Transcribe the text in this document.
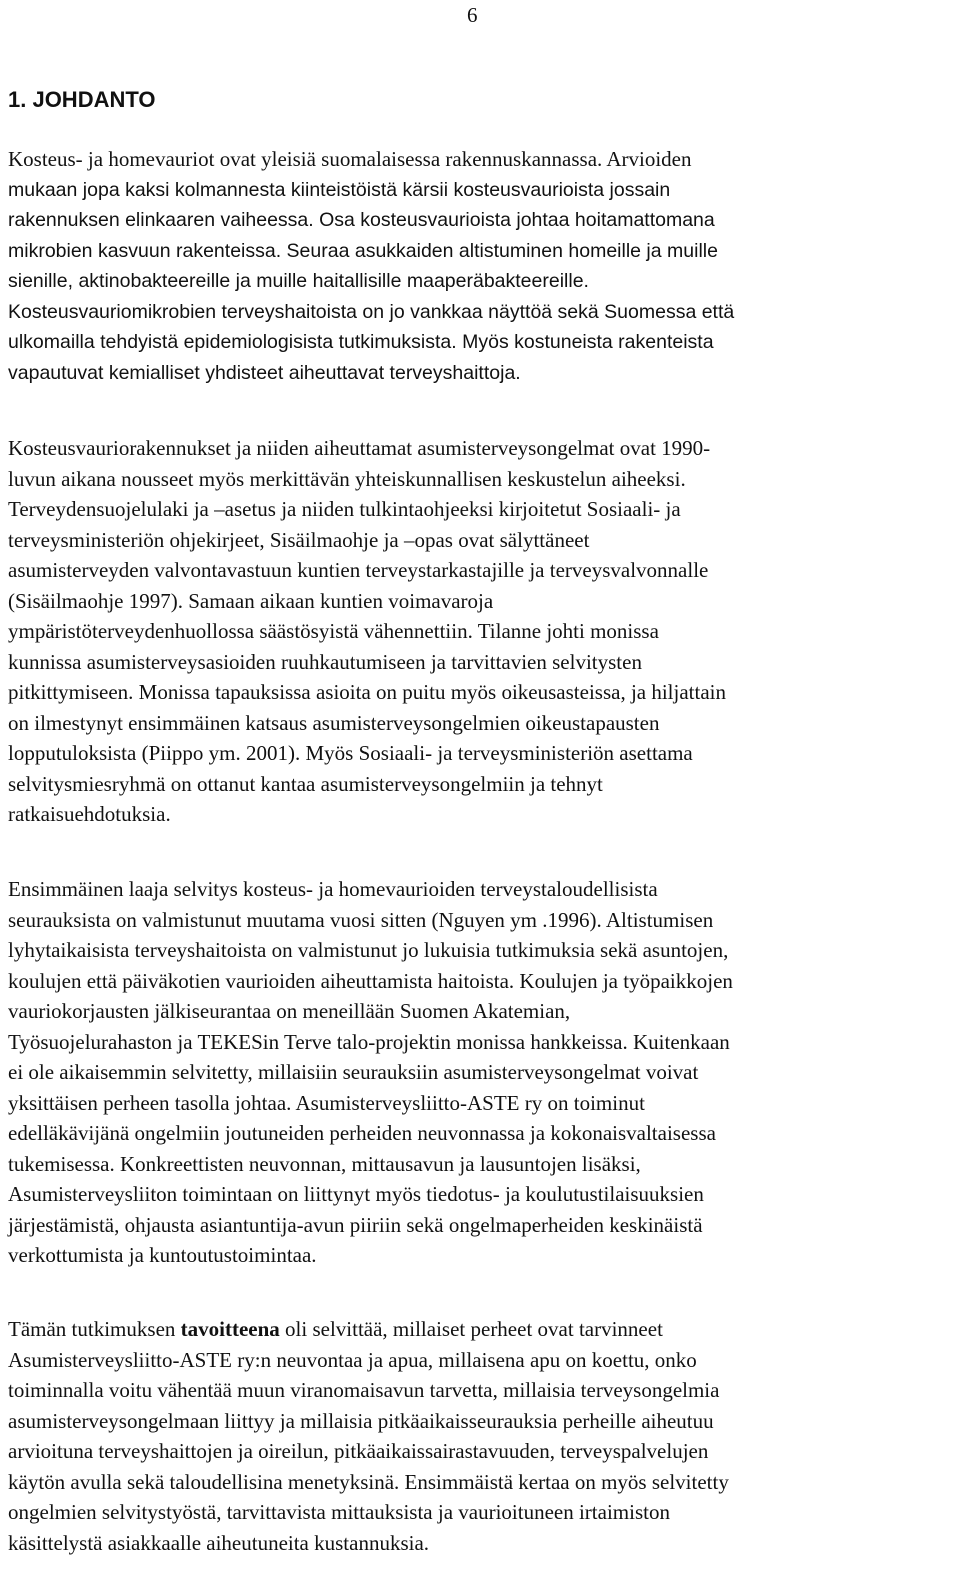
6
1. JOHDANTO
Kosteus- ja homevauriot ovat yleisiä suomalaisessa rakennuskannassa. Arvioiden
mukaan jopa kaksi kolmannesta kiinteistöistä kärsii kosteusvaurioista jossain
rakennuksen elinkaaren vaiheessa. Osa kosteusvaurioista johtaa hoitamattomana
mikrobien kasvuun rakenteissa. Seuraa asukkaiden altistuminen homeille ja muille
sienille, aktinobakteereille ja muille haitallisille maaperäbakteereille.
Kosteusvauriomikrobien terveyshaitoista on jo vankkaa näyttöä sekä Suomessa että
ulkomailla tehdyistä epidemiologisista tutkimuksista. Myös kostuneista rakenteista
vapautuvat kemialliset yhdisteet aiheuttavat terveyshaittoja.
Kosteusvauriorakennukset ja niiden aiheuttamat asumisterveysongelmat ovat 1990-
luvun aikana nousseet myös merkittävän yhteiskunnallisen keskustelun aiheeksi.
Terveydensuojelulaki ja –asetus ja niiden tulkintaohjeeksi kirjoitetut Sosiaali- ja
terveysministeriön ohjekirjeet, Sisäilmaohje ja –opas ovat sälyttäneet
asumisterveyden valvontavastuun kuntien terveystarkastajille ja terveysvalvonnalle
(Sisäilmaohje 1997). Samaan aikaan kuntien voimavaroja
ympäristöterveydenhuollossa säästösyistä vähennettiin. Tilanne johti monissa
kunnissa asumisterveysasioiden ruuhkautumiseen ja tarvittavien selvitysten
pitkittymiseen. Monissa tapauksissa asioita on puitu myös oikeusasteissa, ja hiljattain
on ilmestynyt ensimmäinen katsaus asumisterveysongelmien oikeustapausten
lopputuloksista (Piippo ym. 2001). Myös Sosiaali- ja terveysministeriön asettama
selvitysmiesryhmä on ottanut kantaa asumisterveysongelmiin ja tehnyt
ratkaisuehdotuksia.
Ensimmäinen laaja selvitys kosteus- ja homevaurioiden terveystaloudellisista
seurauksista on valmistunut muutama vuosi sitten (Nguyen ym .1996). Altistumisen
lyhytaikaisista terveyshaitoista on valmistunut jo lukuisia tutkimuksia sekä asuntojen,
koulujen että päiväkotien vaurioiden aiheuttamista haitoista. Koulujen ja työpaikkojen
vauriokorjausten jälkiseurantaa on meneillään Suomen Akatemian,
Työsuojelurahaston ja TEKESin Terve talo-projektin monissa hankkeissa. Kuitenkaan
ei ole aikaisemmin selvitetty, millaisiin seurauksiin asumisterveysongelmat voivat
yksittäisen perheen tasolla johtaa. Asumisterveysliitto-ASTE ry on toiminut
edelläkävijänä ongelmiin joutuneiden perheiden neuvonnassa ja kokonaisvaltaisessa
tukemisessa. Konkreettisten neuvonnan, mittausavun ja lausuntojen lisäksi,
Asumisterveysliiton toimintaan on liittynyt myös tiedotus- ja koulutustilaisuuksien
järjestämistä, ohjausta asiantuntija-avun piiriin sekä ongelmaperheiden keskinäistä
verkottumista ja kuntoutustoimintaa.
Tämän tutkimuksen tavoitteena oli selvittää, millaiset perheet ovat tarvinneet
Asumisterveysliitto-ASTE ry:n neuvontaa ja apua, millaisena apu on koettu, onko
toiminnalla voitu vähentää muun viranomaisavun tarvetta, millaisia terveysongelmia
asumisterveysongelmaan liittyy ja millaisia pitkäaikaisseurauksia perheille aiheutuu
arvioituna terveyshaittojen ja oireilun, pitkäaikaissairastavuuden, terveyspalvelujen
käytön avulla sekä taloudellisina menetyksinä. Ensimmäistä kertaa on myös selvitetty
ongelmien selvitystyöstä, tarvittavista mittauksista ja vaurioituneen irtaimiston
käsittelystä asiakkaalle aiheutuneita kustannuksia.
